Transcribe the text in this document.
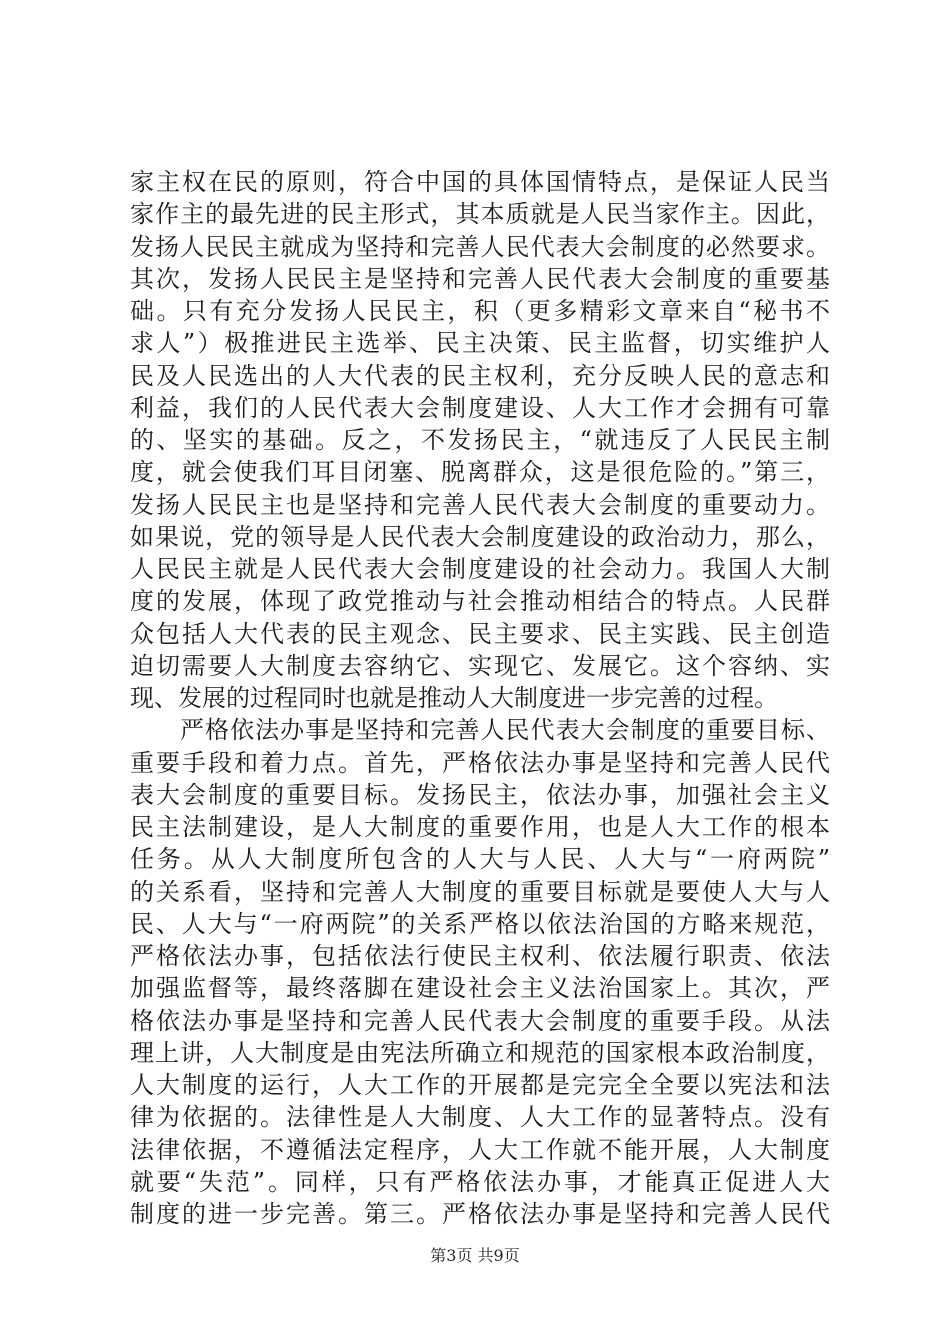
家主权在民的原则，符合中国的具体国情特点，是保证人民当
家作主的最先进的民主形式，其本质就是人民当家作主。因此，
发扬人民民主就成为坚持和完善人民代表大会制度的必然要求。
其次，发扬人民民主是坚持和完善人民代表大会制度的重要基
础。只有充分发扬人民民主，积（更多精彩文章来自“秘书不
求人”）极推进民主选举、民主决策、民主监督，切实维护人
民及人民选出的人大代表的民主权利，充分反映人民的意志和
利益，我们的人民代表大会制度建设、人大工作才会拥有可靠
的、坚实的基础。反之，不发扬民主，“就违反了人民民主制
度，就会使我们耳目闭塞、脱离群众，这是很危险的。”第三，
发扬人民民主也是坚持和完善人民代表大会制度的重要动力。
如果说，党的领导是人民代表大会制度建设的政治动力，那么，
人民民主就是人民代表大会制度建设的社会动力。我国人大制
度的发展，体现了政党推动与社会推动相结合的特点。人民群
众包括人大代表的民主观念、民主要求、民主实践、民主创造
迫切需要人大制度去容纳它、实现它、发展它。这个容纳、实
现、发展的过程同时也就是推动人大制度进一步完善的过程。
严格依法办事是坚持和完善人民代表大会制度的重要目标、
重要手段和着力点。首先，严格依法办事是坚持和完善人民代
表大会制度的重要目标。发扬民主，依法办事，加强社会主义
民主法制建设，是人大制度的重要作用，也是人大工作的根本
任务。从人大制度所包含的人大与人民、人大与“一府两院”
的关系看，坚持和完善人大制度的重要目标就是要使人大与人
民、人大与“一府两院”的关系严格以依法治国的方略来规范，
严格依法办事，包括依法行使民主权利、依法履行职责、依法
加强监督等，最终落脚在建设社会主义法治国家上。其次，严
格依法办事是坚持和完善人民代表大会制度的重要手段。从法
理上讲，人大制度是由宪法所确立和规范的国家根本政治制度，
人大制度的运行，人大工作的开展都是完完全全要以宪法和法
律为依据的。法律性是人大制度、人大工作的显著特点。没有
法律依据，不遵循法定程序，人大工作就不能开展，人大制度
就要“失范”。同样，只有严格依法办事，才能真正促进人大
制度的进一步完善。第三。严格依法办事是坚持和完善人民代
第3页 共9页
